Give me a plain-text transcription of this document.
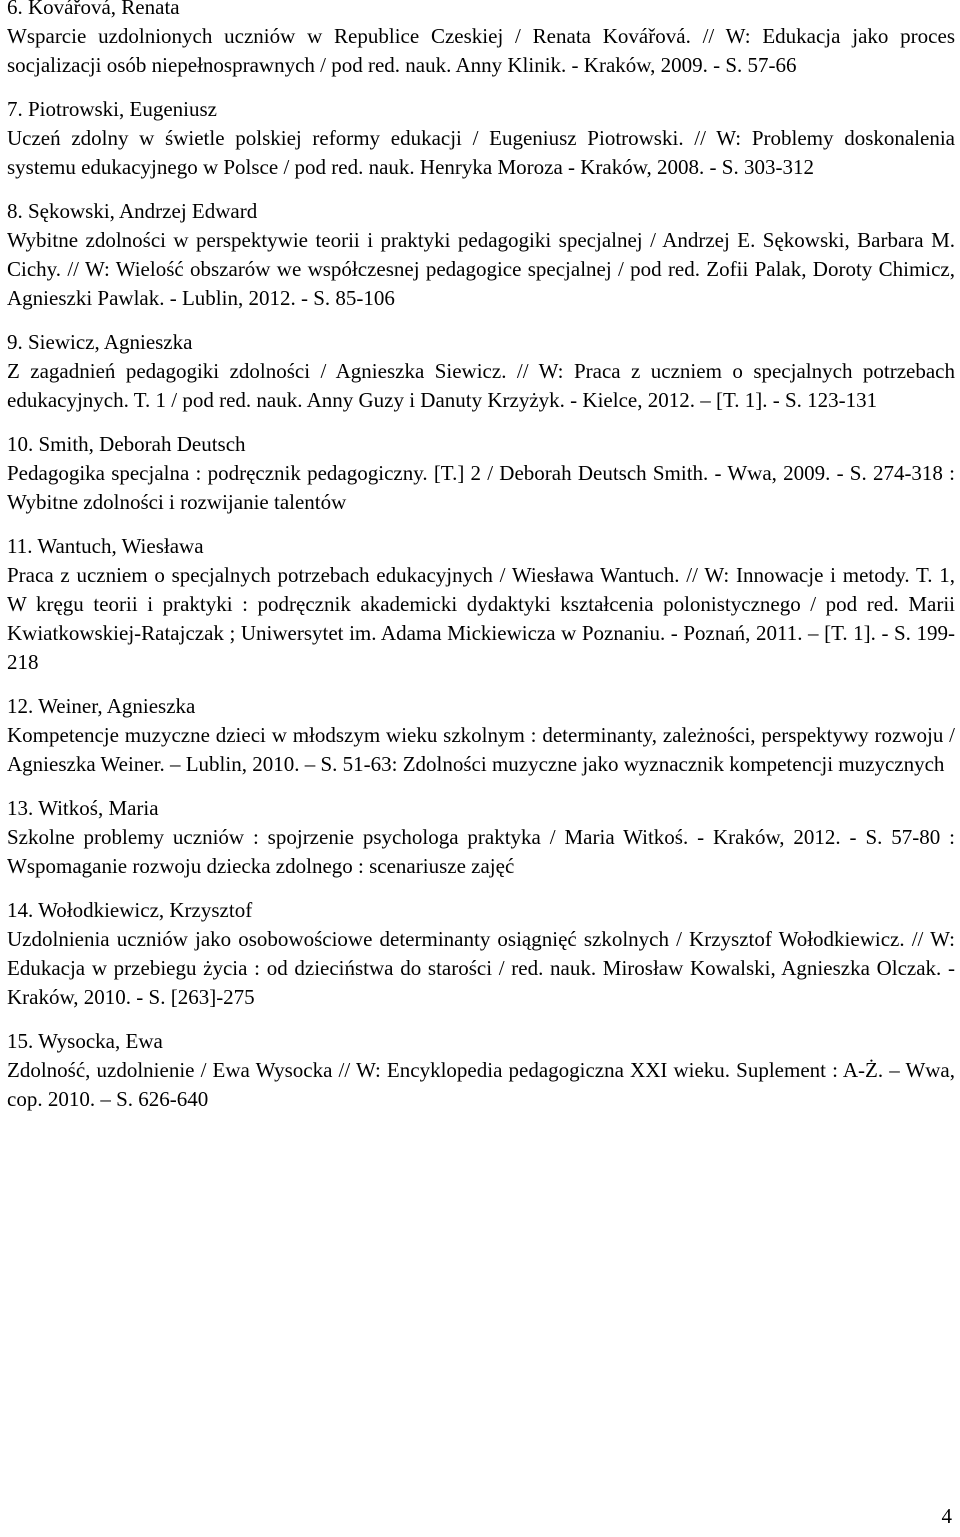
6. Kovářová, Renata

Wsparcie uzdolnionych uczniów w Republice Czeskiej / Renata Kovářová. // W: Edukacja jako proces socjalizacji osób niepełnosprawnych / pod red. nauk. Anny Klinik. - Kraków, 2009. - S. 57-66

7. Piotrowski, Eugeniusz

Uczeń zdolny w świetle polskiej reformy edukacji / Eugeniusz Piotrowski. // W: Problemy doskonalenia systemu edukacyjnego w Polsce / pod red. nauk. Henryka Moroza - Kraków, 2008. - S. 303-312

8. Sękowski, Andrzej Edward

Wybitne zdolności w perspektywie teorii i praktyki pedagogiki specjalnej / Andrzej E. Sękowski, Barbara M. Cichy. // W: Wielość obszarów we współczesnej pedagogice specjalnej / pod red. Zofii Palak, Doroty Chimicz, Agnieszki Pawlak. - Lublin, 2012. - S. 85-106

9. Siewicz, Agnieszka

Z zagadnień pedagogiki zdolności / Agnieszka Siewicz. // W: Praca z uczniem o specjalnych potrzebach edukacyjnych. T. 1 / pod red. nauk. Anny Guzy i Danuty Krzyżyk. - Kielce, 2012. – [T. 1]. - S. 123-131

10. Smith, Deborah Deutsch

Pedagogika specjalna : podręcznik pedagogiczny. [T.] 2 / Deborah Deutsch Smith. - Wwa, 2009. - S. 274-318 : Wybitne zdolności i rozwijanie talentów

11. Wantuch, Wiesława

Praca z uczniem o specjalnych potrzebach edukacyjnych / Wiesława Wantuch. // W: Innowacje i metody. T. 1, W kręgu teorii i praktyki : podręcznik akademicki dydaktyki kształcenia polonistycznego / pod red. Marii Kwiatkowskiej-Ratajczak ; Uniwersytet im. Adama Mickiewicza w Poznaniu. - Poznań, 2011. – [T. 1]. - S. 199-218

12. Weiner, Agnieszka

Kompetencje muzyczne dzieci w młodszym wieku szkolnym : determinanty, zależności, perspektywy rozwoju / Agnieszka Weiner. – Lublin, 2010. – S. 51-63: Zdolności muzyczne jako wyznacznik kompetencji muzycznych

13. Witkoś, Maria

Szkolne problemy uczniów : spojrzenie psychologa praktyka / Maria Witkoś. - Kraków, 2012. - S. 57-80 : Wspomaganie rozwoju dziecka zdolnego : scenariusze zajęć

14. Wołodkiewicz, Krzysztof

Uzdolnienia uczniów jako osobowościowe determinanty osiągnięć szkolnych / Krzysztof Wołodkiewicz. // W: Edukacja w przebiegu życia : od dzieciństwa do starości / red. nauk. Mirosław Kowalski, Agnieszka Olczak. - Kraków, 2010. - S. [263]-275

15. Wysocka, Ewa

Zdolność, uzdolnienie / Ewa Wysocka // W: Encyklopedia pedagogiczna XXI wieku. Suplement : A-Ż. – Wwa, cop. 2010. – S. 626-640

4
